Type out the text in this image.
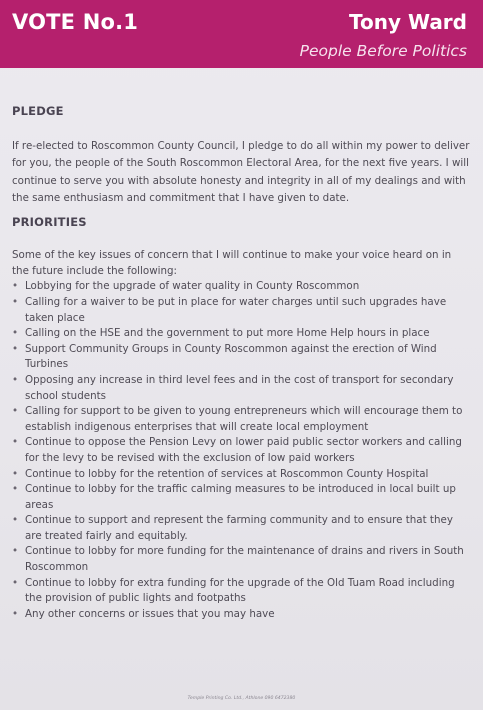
VOTE No.1	Tony Ward
People Before Politics
PLEDGE

If re-elected to Roscommon County Council, I pledge to do all within my power to deliver for you, the people of the South Roscommon Electoral Area, for the next five years. I will continue to serve you with absolute honesty and integrity in all of my dealings and with the same enthusiasm and commitment that I have given to date.

PRIORITIES

Some of the key issues of concern that I will continue to make your voice heard on in the future include the following:

• Lobbying for the upgrade of water quality in County Roscommon
• Calling for a waiver to be put in place for water charges until such upgrades have taken place
• Calling on the HSE and the government to put more Home Help hours in place
• Support Community Groups in County Roscommon against the erection of Wind Turbines
• Opposing any increase in third level fees and in the cost of transport for secondary school students
• Calling for support to be given to young entrepreneurs which will encourage them to establish indigenous enterprises that will create local employment
• Continue to oppose the Pension Levy on lower paid public sector workers and calling for the levy to be revised with the exclusion of low paid workers
• Continue to lobby for the retention of services at Roscommon County Hospital
• Continue to lobby for the traffic calming measures to be introduced in local built up areas
• Continue to support and represent the farming community and to ensure that they are treated fairly and equitably.
• Continue to lobby for more funding for the maintenance of drains and rivers in South Roscommon
• Continue to lobby for extra funding for the upgrade of the Old Tuam Road including the provision of public lights and footpaths
• Any other concerns or issues that you may have
Temple Printing Co. Ltd., Athlone 090 6472380
